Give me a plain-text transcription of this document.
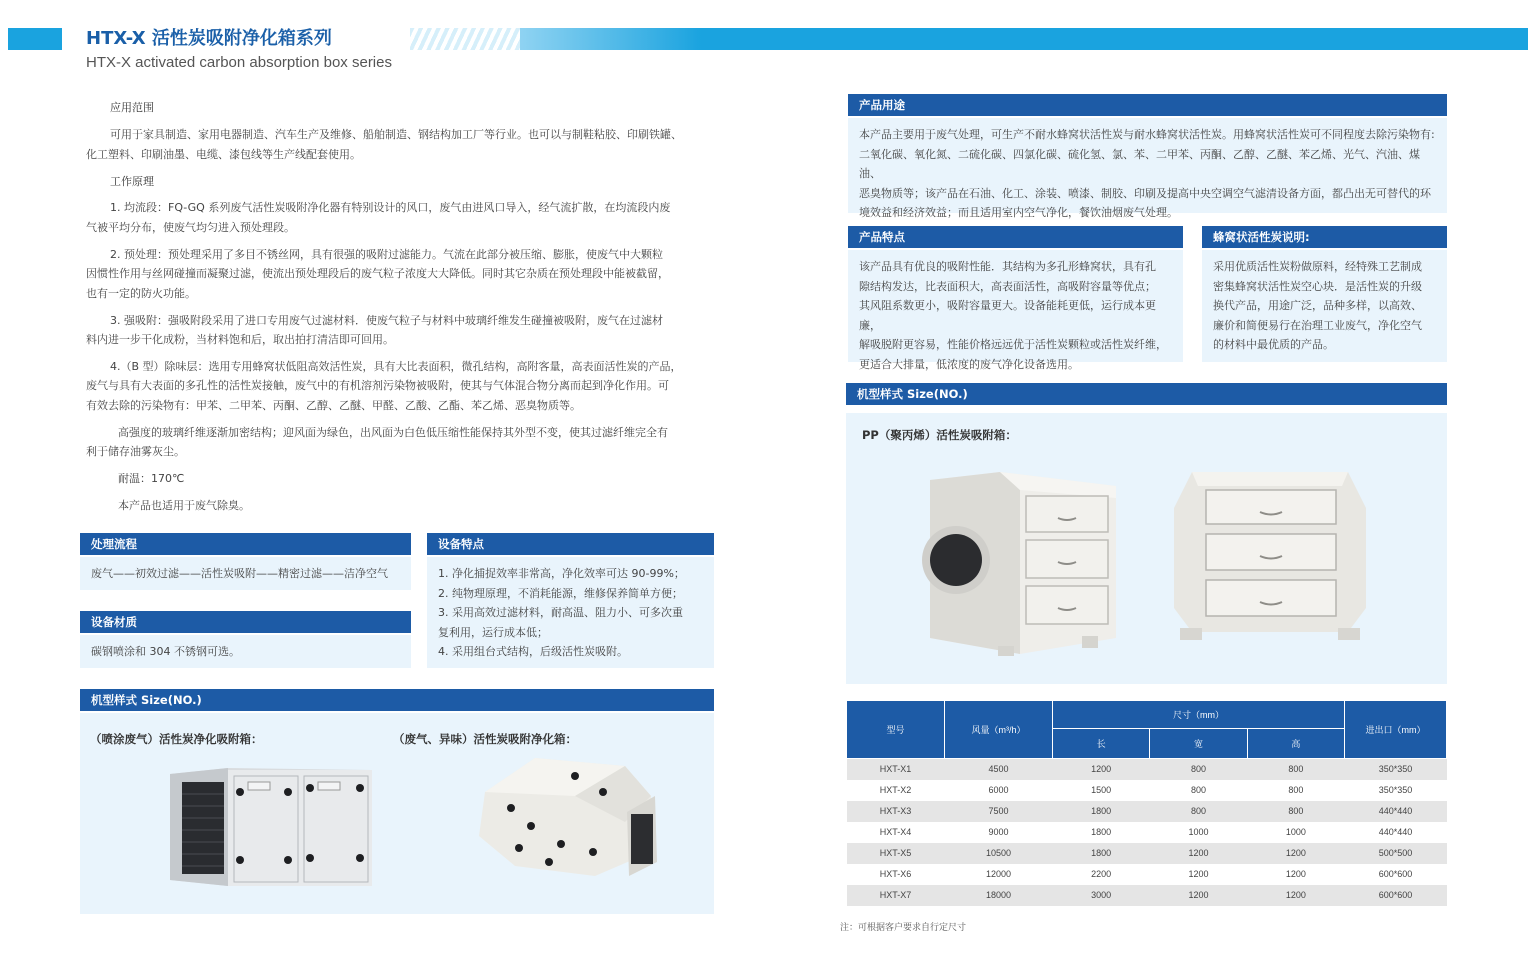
HTX-X 活性炭吸附净化箱系列
HTX-X activated carbon absorption box series
应用范围
可用于家具制造、家用电器制造、汽车生产及维修、船舶制造、钢结构加工厂等行业。也可以与制鞋粘胶、印刷铁罐、
化工塑料、印刷油墨、电缆、漆包线等生产线配套使用。
工作原理
1. 均流段：FQ-GQ 系列废气活性炭吸附净化器有特别设计的风口，废气由进风口导入，经气流扩散，在均流段内废
气被平均分布，使废气均匀进入预处理段。
2. 预处理：预处理采用了多目不锈丝网，具有很强的吸附过滤能力。气流在此部分被压缩、膨胀，使废气中大颗粒
因惯性作用与丝网碰撞而凝聚过滤，使流出预处理段后的废气粒子浓度大大降低。同时其它杂质在预处理段中能被截留，
也有一定的防火功能。
3. 强吸附：强吸附段采用了进口专用废气过滤材料．使废气粒子与材料中玻璃纤维发生碰撞被吸附，废气在过滤材
料内进一步干化成粉，当材料饱和后，取出拍打清洁即可回用。
4.（B 型）除味层：选用专用蜂窝状低阻高效活性炭，具有大比表面积，微孔结构，高附客量，高表面活性炭的产品，
废气与具有大表面的多孔性的活性炭接触，废气中的有机溶剂污染物被吸附，使其与气体混合物分离而起到净化作用。可
有效去除的污染物有：甲苯、二甲苯、丙酮、乙醇、乙醚、甲醛、乙酸、乙酯、苯乙烯、恶臭物质等。
高强度的玻璃纤维逐渐加密结构；迎风面为绿色，出风面为白色低压缩性能保持其外型不变，使其过滤纤维完全有
利于储存油雾灰尘。
耐温：170℃
本产品也适用于废气除臭。
处理流程
废气——初效过滤——活性炭吸附——精密过滤——洁净空气
设备材质
碳钢喷涂和 304 不锈钢可选。
设备特点
1. 净化捕捉效率非常高，净化效率可达 90-99%；
2. 纯物理原理，不消耗能源，维修保养简单方便；
3. 采用高效过滤材料，耐高温、阻力小、可多次重
复利用，运行成本低；
4. 采用组台式结构，后级活性炭吸附。
机型样式 Size(NO.)
（喷涂废气）活性炭净化吸附箱：	（废气、异味）活性炭吸附净化箱：
产品用途
本产品主要用于废气处理，可生产不耐水蜂窝状活性炭与耐水蜂窝状活性炭。用蜂窝状活性炭可不同程度去除污染物有:
二氧化碳、氧化氮、二硫化碳、四氯化碳、硫化氢、氯、苯、二甲苯、丙酮、乙醇、乙醚、苯乙烯、光气、汽油、煤油、
恶臭物质等；该产品在石油、化工、涂装、喷漆、制胶、印刷及提高中央空调空气滤清设备方面，都凸出无可替代的环
境效益和经济效益；而且适用室内空气净化，餐饮油烟废气处理。
产品特点
该产品具有优良的吸附性能．其结构为多孔形蜂窝状，具有孔
隙结构发达，比表面积大，高表面活性，高吸附容量等优点；
其风阻系数更小，吸附容量更大。设备能耗更低，运行成本更廉，
解吸脱附更容易，性能价格远远优于活性炭颗粒或活性炭纤维，
更适合大排量，低浓度的废气净化设备选用。
蜂窝状活性炭说明:
采用优质活性炭粉做原料，经特殊工艺制成
密集蜂窝状活性炭空心块．是活性炭的升级
换代产品，用途广泛，品种多样，以高效、
廉价和简便易行在治理工业废气，净化空气
的材料中最优质的产品。
机型样式 Size(NO.)
PP（聚丙烯）活性炭吸附箱：
型号	风量（m³/h）	尺寸（mm）			进出口（mm）
		长	宽	高	
HXT-X1	4500	1200	800	800	350*350
HXT-X2	6000	1500	800	800	350*350
HXT-X3	7500	1800	800	800	440*440
HXT-X4	9000	1800	1000	1000	440*440
HXT-X5	10500	1800	1200	1200	500*500
HXT-X6	12000	2200	1200	1200	600*600
HXT-X7	18000	3000	1200	1200	600*600
注：可根据客户要求自行定尺寸
